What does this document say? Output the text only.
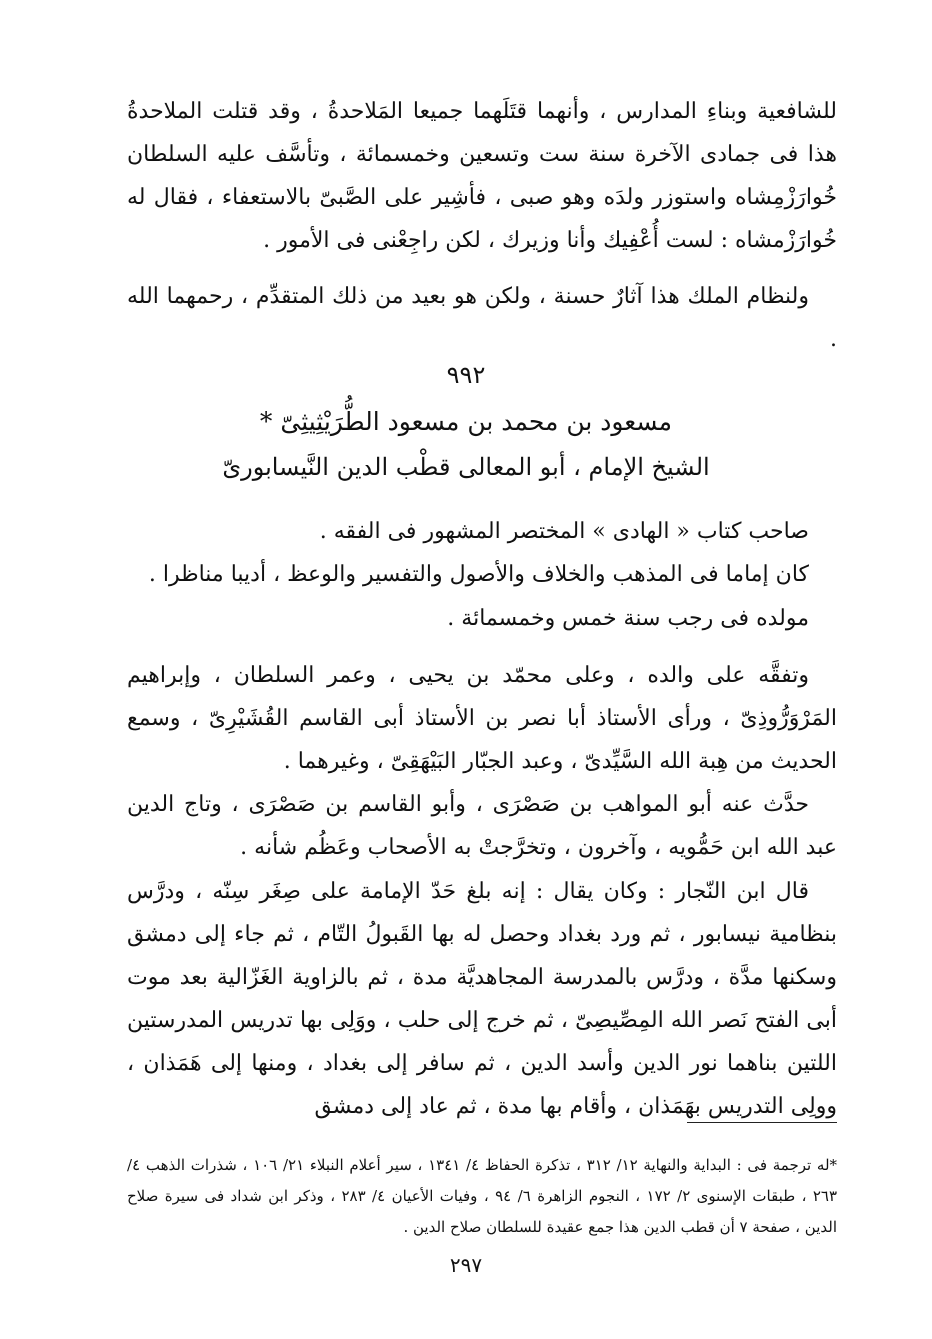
للشافعية وبناءِ المدارس ، وأنهما قتَلَهما جميعا المَلاحدةُ ، وقد قتلت الملاحدةُ هذا فى جمادى الآخرة سنة ست وتسعين وخمسمائة ، وتأسَّف عليه السلطان خُوارَزْمِشاه واستوزر ولدَه وهو صبى ، فأشِير على الصَّبىّ بالاستعفاء ، فقال له خُوارَزْمشاه : لست أُعْفِيك وأنا وزيرك ، لكن راجِعْنى فى الأمور .

ولنظام الملك هذا آثارٌ حسنة ، ولكن هو بعيد من ذلك المتقدِّم ، رحمهما الله .

٩٩٢
مسعود بن محمد بن مسعود الطُّرَيْثِيثِىّ *
الشيخ الإمام ، أبو المعالى قطْب الدين النَّيسابورىّ

صاحب كتاب « الهادى » المختصر المشهور فى الفقه .

كان إماما فى المذهب والخلاف والأصول والتفسير والوعظ ، أديبا مناظرا .

مولده فى رجب سنة خمس وخمسمائة .

وتفقَّه على والده ، وعلى محمّد بن يحيى ، وعمر السلطان ، وإبراهيم المَرْوَرُّوذِىّ ، ورأى الأستاذ أبا نصر بن الأستاذ أبى القاسم القُشَيْرِىّ ، وسمع الحديث من هِبة الله السَّيِّدىّ ، وعبد الجبّار البَيْهَقِىّ ، وغيرهما .

حدَّث عنه أبو المواهب بن صَصْرَى ، وأبو القاسم بن صَصْرَى ، وتاج الدين عبد الله ابن حَمُّويه ، وآخرون ، وتخرَّجتْ به الأصحاب وعَظُم شأنه .

قال ابن النّجار : وكان يقال : إنه بلغ حَدّ الإمامة على صِغَر سِنّه ، ودرَّس بنظامية نيسابور ، ثم ورد بغداد وحصل له بها القَبولُ التّام ، ثم جاء إلى دمشق وسكنها مدَّة ، ودرَّس بالمدرسة المجاهديَّة مدة ، ثم بالزاوية الغَزّالية بعد موت أبى الفتح نَصر الله المِصِّيصِىّ ، ثم خرج إلى حلب ، ووَلِى بها تدريس المدرستين اللتين بناهما نور الدين وأسد الدين ، ثم سافر إلى بغداد ، ومنها إلى هَمَذان ، وولِى التدريس بهَمَذان ، وأقام بها مدة ، ثم عاد إلى دمشق

*له ترجمة فى : البداية والنهاية ١٢/ ٣١٢ ، تذكرة الحفاظ ٤/ ١٣٤١ ، سير أعلام النبلاء ٢١/ ١٠٦ ، شذرات الذهب ٤/ ٢٦٣ ، طبقات الإسنوى ٢/ ١٧٢ ، النجوم الزاهرة ٦/ ٩٤ ، وفيات الأعيان ٤/ ٢٨٣ ، وذكر ابن شداد فى سيرة صلاح الدين ، صفحة ٧ أن قطب الدين هذا جمع عقيدة للسلطان صلاح الدين .

٢٩٧
